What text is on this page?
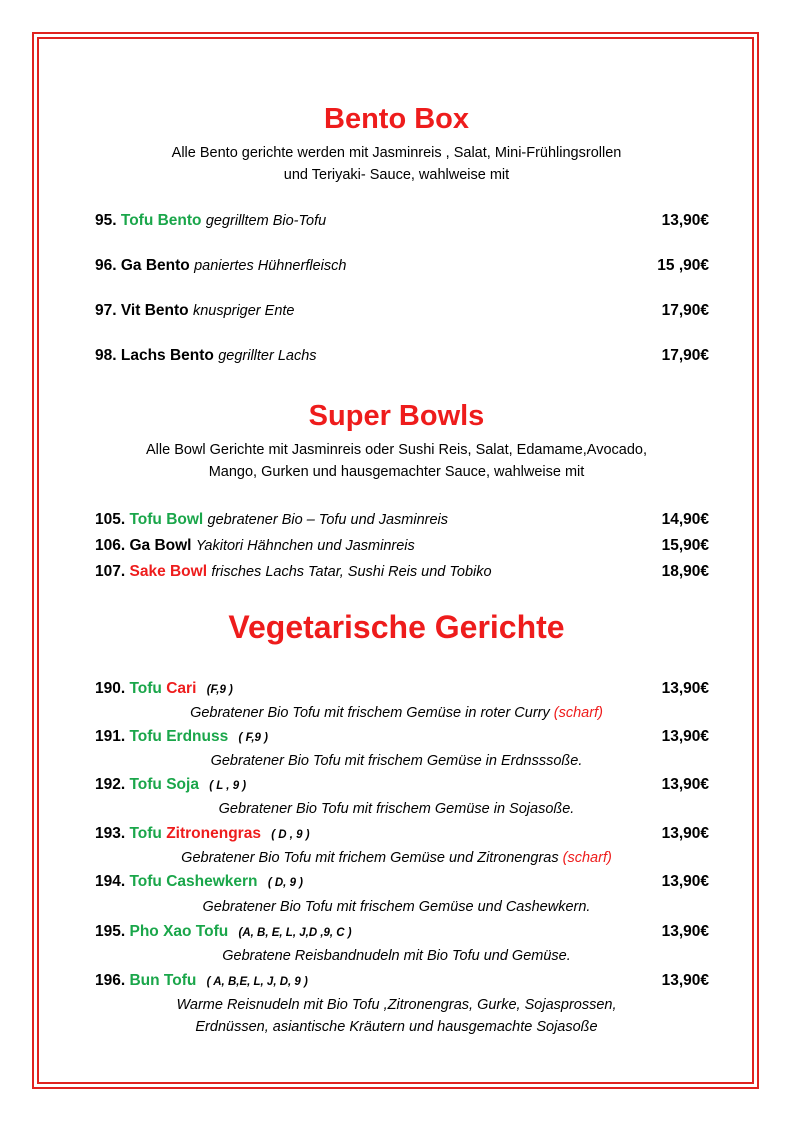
Bento Box
Alle Bento gerichte werden mit Jasminreis , Salat, Mini-Frühlingsrollen
und Teriyaki- Sauce, wahlweise mit
95. Tofu Bento gegrilltem Bio-Tofu	13,90€
96. Ga Bento paniertes Hühnerfleisch	15 ,90€
97. Vit Bento knuspriger Ente	17,90€
98. Lachs Bento gegrillter Lachs	17,90€
Super Bowls
Alle Bowl Gerichte mit Jasminreis oder Sushi Reis, Salat, Edamame,Avocado,
Mango, Gurken und hausgemachter Sauce, wahlweise mit
105. Tofu Bowl gebratener Bio – Tofu und Jasminreis	14,90€
106. Ga Bowl Yakitori Hähnchen und Jasminreis	15,90€
107. Sake Bowl frisches Lachs Tatar, Sushi Reis und Tobiko	18,90€
Vegetarische Gerichte
190. Tofu Cari (F,9 )	13,90€
Gebratener Bio Tofu mit frischem Gemüse in roter Curry (scharf)
191. Tofu Erdnuss ( F,9 )	13,90€
Gebratener Bio Tofu mit frischem Gemüse in Erdnsssoße.
192. Tofu Soja ( L , 9 )	13,90€
Gebratener Bio Tofu mit frischem Gemüse in Sojasoße.
193. Tofu Zitronengras ( D , 9 )	13,90€
Gebratener Bio Tofu mit frichem Gemüse und Zitronengras (scharf)
194. Tofu Cashewkern ( D, 9 )	13,90€
Gebratener Bio Tofu mit frischem Gemüse und Cashewkern.
195. Pho Xao Tofu (A, B, E, L, J,D ,9, C )	13,90€
Gebratene Reisbandnudeln mit Bio Tofu und Gemüse.
196. Bun Tofu ( A, B,E, L, J, D, 9 )	13,90€
Warme Reisnudeln mit Bio Tofu ,Zitronengras, Gurke, Sojasprossen,
Erdnüssen, asiantische Kräutern und hausgemachte Sojasoße
